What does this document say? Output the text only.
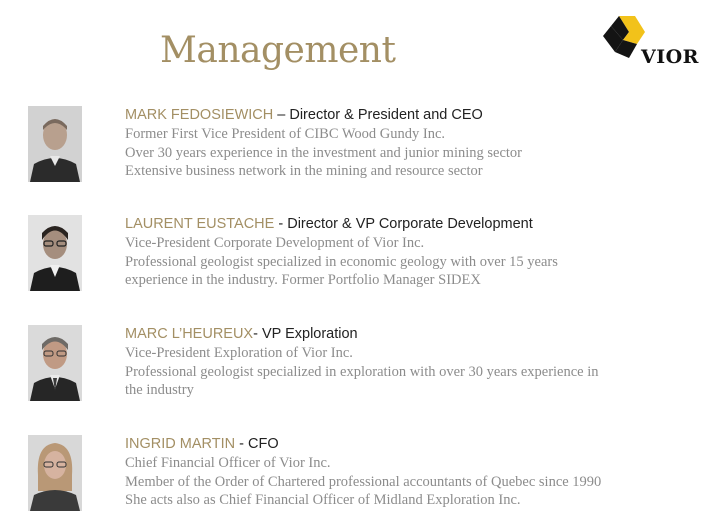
Management	VIOR
MARK FEDOSIEWICH – Director & President and CEO
Former First Vice President of CIBC Wood Gundy Inc.
Over 30 years experience in the investment and junior mining sector
Extensive business network in the mining and resource sector
LAURENT EUSTACHE - Director & VP Corporate Development
Vice-President Corporate Development of Vior Inc.
Professional geologist specialized in economic geology with over 15 years
experience in the industry. Former Portfolio Manager SIDEX
MARC L’HEUREUX- VP Exploration
Vice-President Exploration of Vior Inc.
Professional geologist specialized in exploration with over 30 years experience in
the industry
INGRID MARTIN - CFO
Chief Financial Officer of Vior Inc.
Member of the Order of Chartered professional accountants of Quebec since 1990
She acts also as Chief Financial Officer of Midland Exploration Inc.
